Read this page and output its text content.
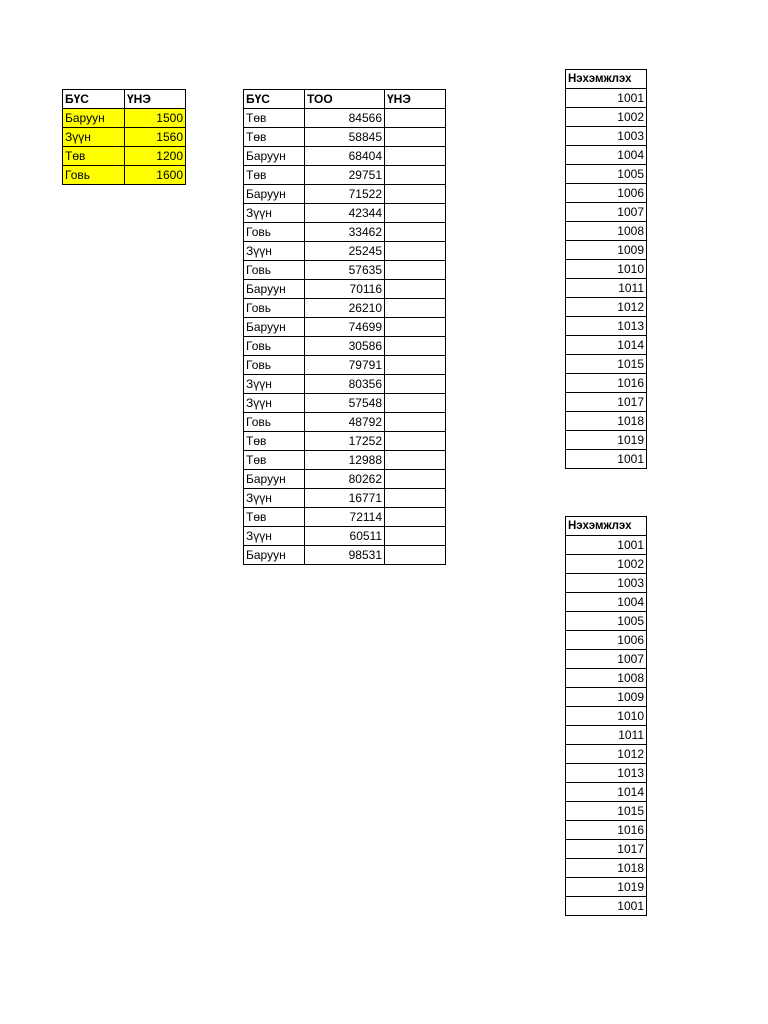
БҮС	ҮНЭ
Баруун	1500
Зүүн	1560
Төв	1200
Говь	1600
БҮС	ТОО	ҮНЭ
Төв	84566	
Төв	58845	
Баруун	68404	
Төв	29751	
Баруун	71522	
Зүүн	42344	
Говь	33462	
Зүүн	25245	
Говь	57635	
Баруун	70116	
Говь	26210	
Баруун	74699	
Говь	30586	
Говь	79791	
Зүүн	80356	
Зүүн	57548	
Говь	48792	
Төв	17252	
Төв	12988	
Баруун	80262	
Зүүн	16771	
Төв	72114	
Зүүн	60511	
Баруун	98531	
Нэхэмжлэх
1001
1002
1003
1004
1005
1006
1007
1008
1009
1010
1011
1012
1013
1014
1015
1016
1017
1018
1019
1001
Нэхэмжлэх
1001
1002
1003
1004
1005
1006
1007
1008
1009
1010
1011
1012
1013
1014
1015
1016
1017
1018
1019
1001
